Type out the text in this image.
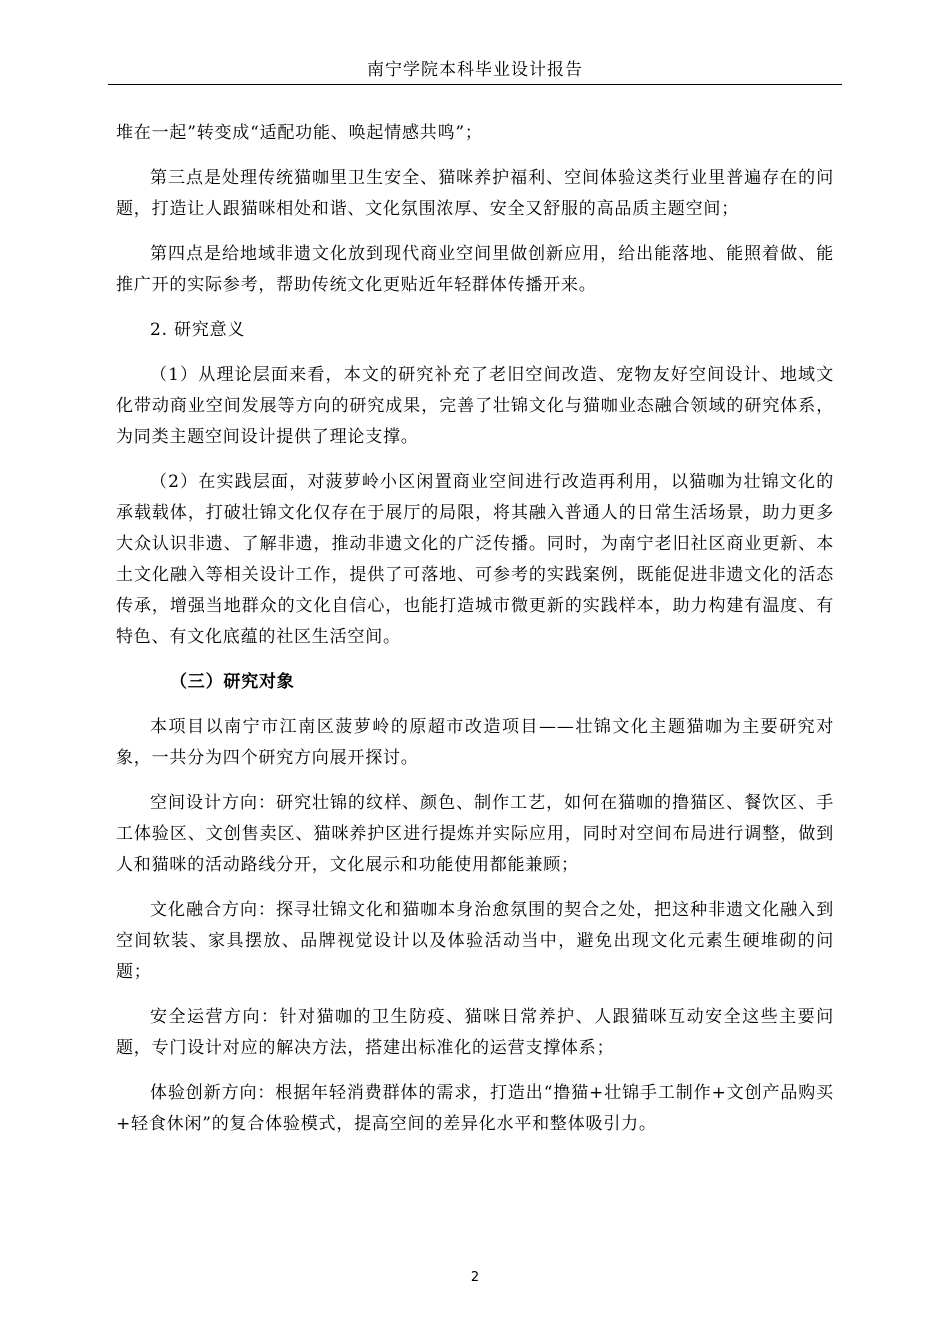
南宁学院本科毕业设计报告

堆在一起”转变成“适配功能、唤起情感共鸣”；

第三点是处理传统猫咖里卫生安全、猫咪养护福利、空间体验这类行业里普遍存在的问题，打造让人跟猫咪相处和谐、文化氛围浓厚、安全又舒服的高品质主题空间；

第四点是给地域非遗文化放到现代商业空间里做创新应用，给出能落地、能照着做、能推广开的实际参考，帮助传统文化更贴近年轻群体传播开来。

2. 研究意义

（1）从理论层面来看，本文的研究补充了老旧空间改造、宠物友好空间设计、地域文化带动商业空间发展等方向的研究成果，完善了壮锦文化与猫咖业态融合领域的研究体系，为同类主题空间设计提供了理论支撑。

（2）在实践层面，对菠萝岭小区闲置商业空间进行改造再利用，以猫咖为壮锦文化的承载载体，打破壮锦文化仅存在于展厅的局限，将其融入普通人的日常生活场景，助力更多大众认识非遗、了解非遗，推动非遗文化的广泛传播。同时，为南宁老旧社区商业更新、本土文化融入等相关设计工作，提供了可落地、可参考的实践案例，既能促进非遗文化的活态传承，增强当地群众的文化自信心，也能打造城市微更新的实践样本，助力构建有温度、有特色、有文化底蕴的社区生活空间。

（三）研究对象

本项目以南宁市江南区菠萝岭的原超市改造项目——壮锦文化主题猫咖为主要研究对象，一共分为四个研究方向展开探讨。

空间设计方向：研究壮锦的纹样、颜色、制作工艺，如何在猫咖的撸猫区、餐饮区、手工体验区、文创售卖区、猫咪养护区进行提炼并实际应用，同时对空间布局进行调整，做到人和猫咪的活动路线分开，文化展示和功能使用都能兼顾；

文化融合方向：探寻壮锦文化和猫咖本身治愈氛围的契合之处，把这种非遗文化融入到空间软装、家具摆放、品牌视觉设计以及体验活动当中，避免出现文化元素生硬堆砌的问题；

安全运营方向：针对猫咖的卫生防疫、猫咪日常养护、人跟猫咪互动安全这些主要问题，专门设计对应的解决方法，搭建出标准化的运营支撑体系；

体验创新方向：根据年轻消费群体的需求，打造出“撸猫+壮锦手工制作+文创产品购买+轻食休闲”的复合体验模式，提高空间的差异化水平和整体吸引力。

2
